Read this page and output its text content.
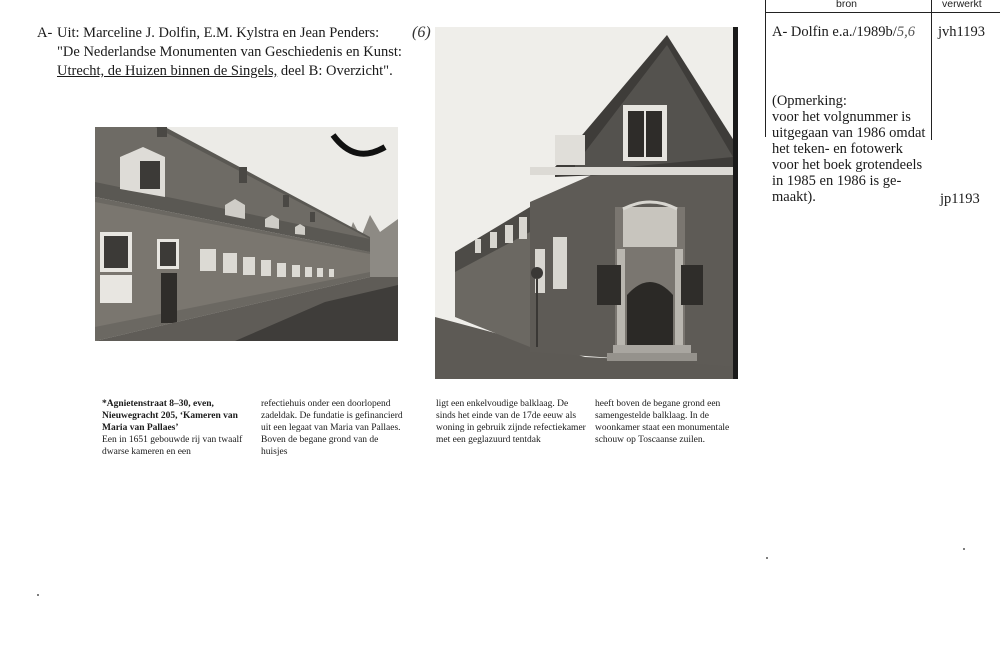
A- Uit: Marceline J. Dolfin, E.M. Kylstra en Jean Penders:
"De Nederlandse Monumenten van Geschiedenis en Kunst:
Utrecht, de Huizen binnen de Singels, deel B: Overzicht".
(6)
*Agnietenstraat 8–30, even, Nieuwegracht 205, ‘Kameren van Maria van Pallaes’
Een in 1651 gebouwde rij van twaalf dwarse kameren en een
refectiehuis onder een doorlopend zadeldak. De fundatie is gefinancierd uit een legaat van Maria van Pallaes. Boven de begane grond van de huisjes
ligt een enkelvoudige balklaag. De sinds het einde van de 17de eeuw als woning in gebruik zijnde refectiekamer met een geglazuurd tentdak
heeft boven de begane grond een samengestelde balklaag. In de woonkamer staat een monumentale schouw op Toscaanse zuilen.
bron	verwerkt
A- Dolfin e.a./1989b/5,6 jvh1193
(Opmerking:
voor het volgnummer is
uitgegaan van 1986 omdat
het teken- en fotowerk
voor het boek grotendeels
in 1985 en 1986 is ge-
maakt).	jp1193
